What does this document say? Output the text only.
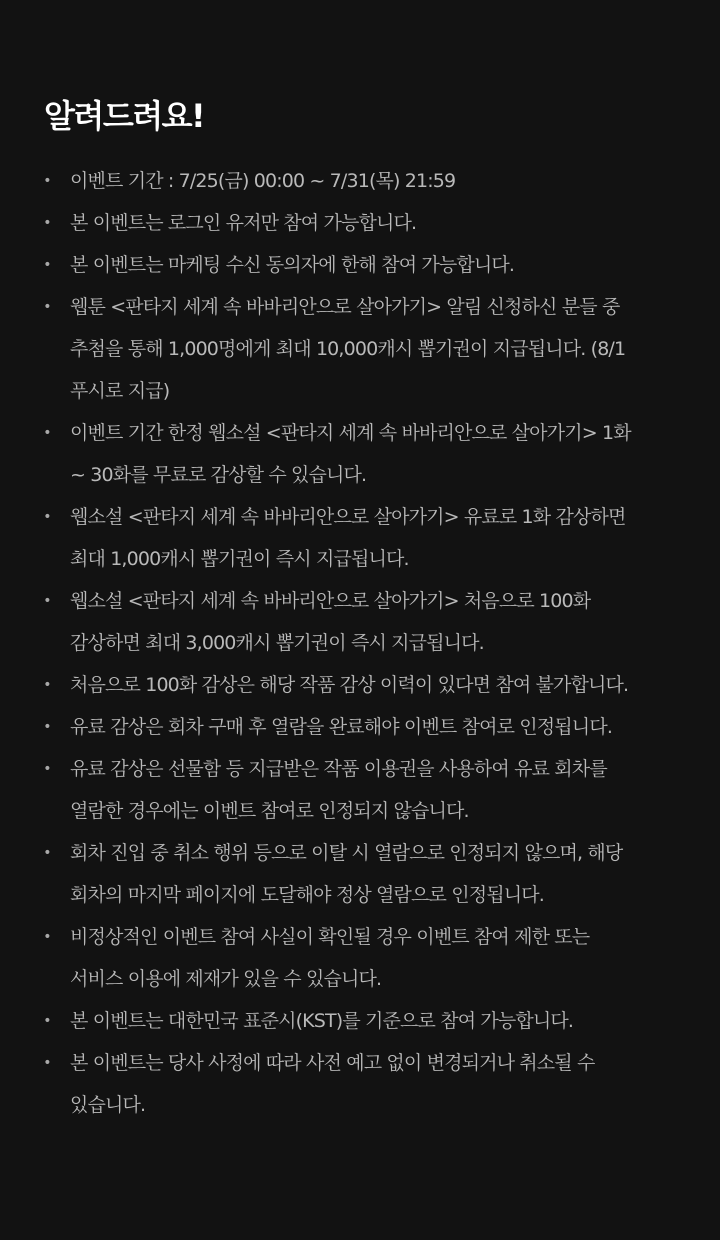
알려드려요!
• 이벤트 기간 : 7/25(금) 00:00 ~ 7/31(목) 21:59
• 본 이벤트는 로그인 유저만 참여 가능합니다.
• 본 이벤트는 마케팅 수신 동의자에 한해 참여 가능합니다.
• 웹툰 <판타지 세계 속 바바리안으로 살아가기> 알림 신청하신 분들 중
추첨을 통해 1,000명에게 최대 10,000캐시 뽑기권이 지급됩니다. (8/1
푸시로 지급)
• 이벤트 기간 한정 웹소설 <판타지 세계 속 바바리안으로 살아가기> 1화
~ 30화를 무료로 감상할 수 있습니다.
• 웹소설 <판타지 세계 속 바바리안으로 살아가기> 유료로 1화 감상하면
최대 1,000캐시 뽑기권이 즉시 지급됩니다.
• 웹소설 <판타지 세계 속 바바리안으로 살아가기> 처음으로 100화
감상하면 최대 3,000캐시 뽑기권이 즉시 지급됩니다.
• 처음으로 100화 감상은 해당 작품 감상 이력이 있다면 참여 불가합니다.
• 유료 감상은 회차 구매 후 열람을 완료해야 이벤트 참여로 인정됩니다.
• 유료 감상은 선물함 등 지급받은 작품 이용권을 사용하여 유료 회차를
열람한 경우에는 이벤트 참여로 인정되지 않습니다.
• 회차 진입 중 취소 행위 등으로 이탈 시 열람으로 인정되지 않으며, 해당
회차의 마지막 페이지에 도달해야 정상 열람으로 인정됩니다.
• 비정상적인 이벤트 참여 사실이 확인될 경우 이벤트 참여 제한 또는
서비스 이용에 제재가 있을 수 있습니다.
• 본 이벤트는 대한민국 표준시(KST)를 기준으로 참여 가능합니다.
• 본 이벤트는 당사 사정에 따라 사전 예고 없이 변경되거나 취소될 수
있습니다.
